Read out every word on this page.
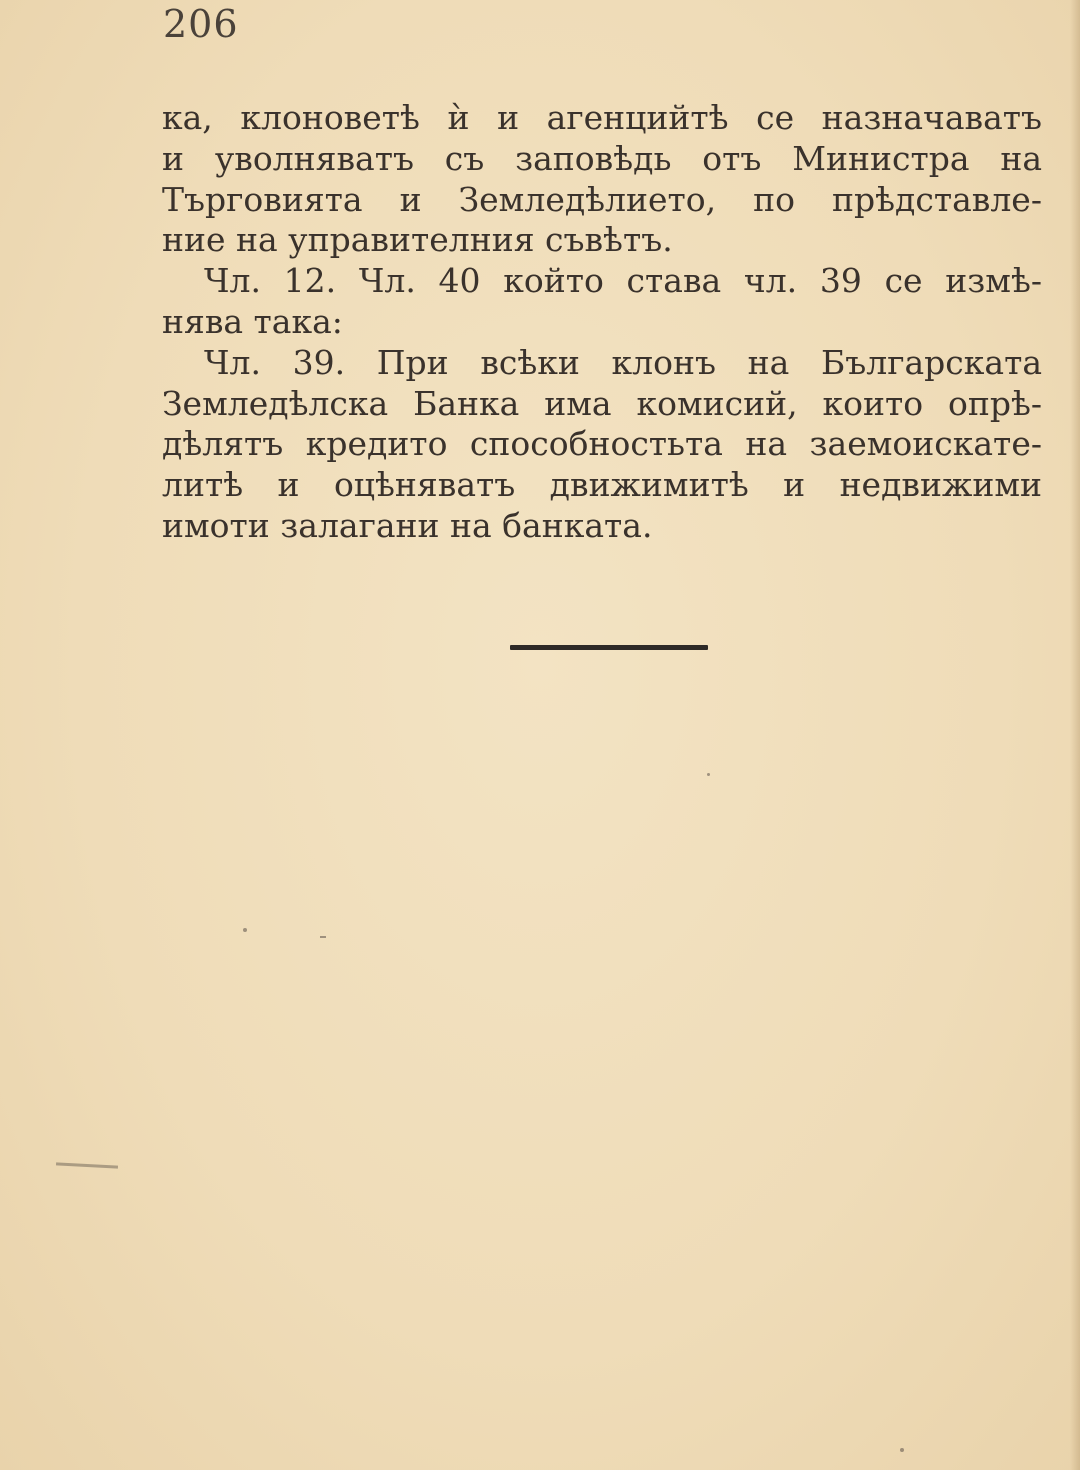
206
ка, клоноветѣ ѝ и агенцийтѣ се назначаватъ
и уволняватъ съ заповѣдь отъ Министра на
Търговията и Земледѣлието, по прѣдставле-
ние на управителния съвѣтъ.
Чл. 12. Чл. 40 който става чл. 39 се измѣ-
нява така:
Чл. 39. При всѣки клонъ на Българската
Земледѣлска Банка има комисий, които опрѣ-
дѣлятъ кредито способностьта на заемоискате-
литѣ и оцѣняватъ движимитѣ и недвижими
имоти залагани на банката.
